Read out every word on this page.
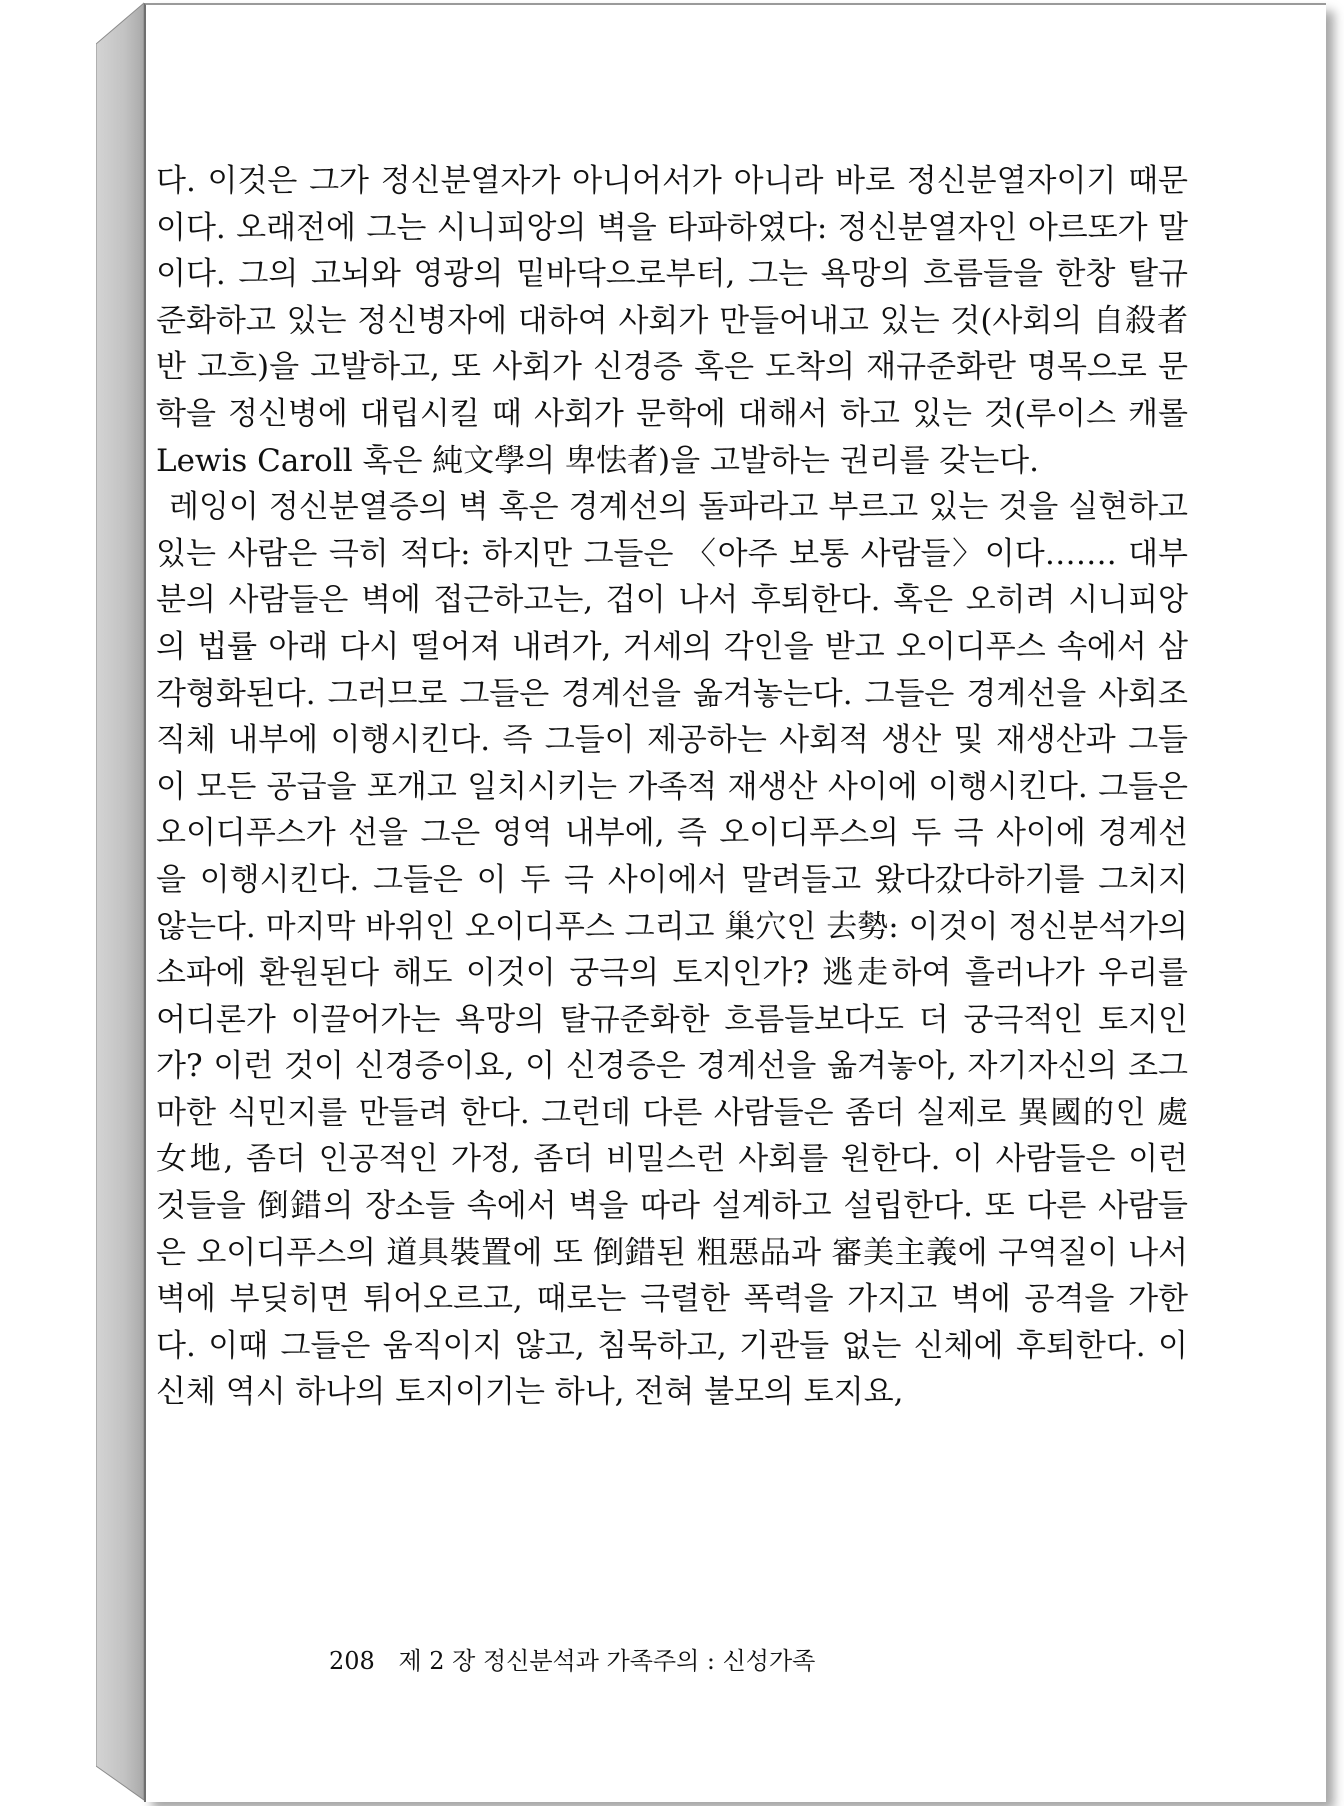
다. 이것은 그가 정신분열자가 아니어서가 아니라 바로 정신분열자이기 때문이다. 오래전에 그는 시니피앙의 벽을 타파하였다: 정신분열자인 아르또가 말이다. 그의 고뇌와 영광의 밑바닥으로부터, 그는 욕망의 흐름들을 한창 탈규준화하고 있는 정신병자에 대하여 사회가 만들어내고 있는 것(사회의 自殺者 반 고흐)을 고발하고, 또 사회가 신경증 혹은 도착의 재규준화란 명목으로 문학을 정신병에 대립시킬 때 사회가 문학에 대해서 하고 있는 것(루이스 캐롤 Lewis Caroll 혹은 純文學의 卑怯者)을 고발하는 권리를 갖는다.

레잉이 정신분열증의 벽 혹은 경계선의 돌파라고 부르고 있는 것을 실현하고 있는 사람은 극히 적다: 하지만 그들은 〈아주 보통 사람들〉이다……. 대부분의 사람들은 벽에 접근하고는, 겁이 나서 후퇴한다. 혹은 오히려 시니피앙의 법률 아래 다시 떨어져 내려가, 거세의 각인을 받고 오이디푸스 속에서 삼각형화된다. 그러므로 그들은 경계선을 옮겨놓는다. 그들은 경계선을 사회조직체 내부에 이행시킨다. 즉 그들이 제공하는 사회적 생산 및 재생산과 그들이 모든 공급을 포개고 일치시키는 가족적 재생산 사이에 이행시킨다. 그들은 오이디푸스가 선을 그은 영역 내부에, 즉 오이디푸스의 두 극 사이에 경계선을 이행시킨다. 그들은 이 두 극 사이에서 말려들고 왔다갔다하기를 그치지 않는다. 마지막 바위인 오이디푸스 그리고 巢穴인 去勢: 이것이 정신분석가의 소파에 환원된다 해도 이것이 궁극의 토지인가? 逃走하여 흘러나가 우리를 어디론가 이끌어가는 욕망의 탈규준화한 흐름들보다도 더 궁극적인 토지인가? 이런 것이 신경증이요, 이 신경증은 경계선을 옮겨놓아, 자기자신의 조그마한 식민지를 만들려 한다. 그런데 다른 사람들은 좀더 실제로 異國的인 處女地, 좀더 인공적인 가정, 좀더 비밀스런 사회를 원한다. 이 사람들은 이런 것들을 倒錯의 장소들 속에서 벽을 따라 설계하고 설립한다. 또 다른 사람들은 오이디푸스의 道具裝置에 또 倒錯된 粗惡品과 審美主義에 구역질이 나서 벽에 부딪히면 튀어오르고, 때로는 극렬한 폭력을 가지고 벽에 공격을 가한다. 이때 그들은 움직이지 않고, 침묵하고, 기관들 없는 신체에 후퇴한다. 이 신체 역시 하나의 토지이기는 하나, 전혀 불모의 토지요,

208 제 2 장 정신분석과 가족주의 : 신성가족
